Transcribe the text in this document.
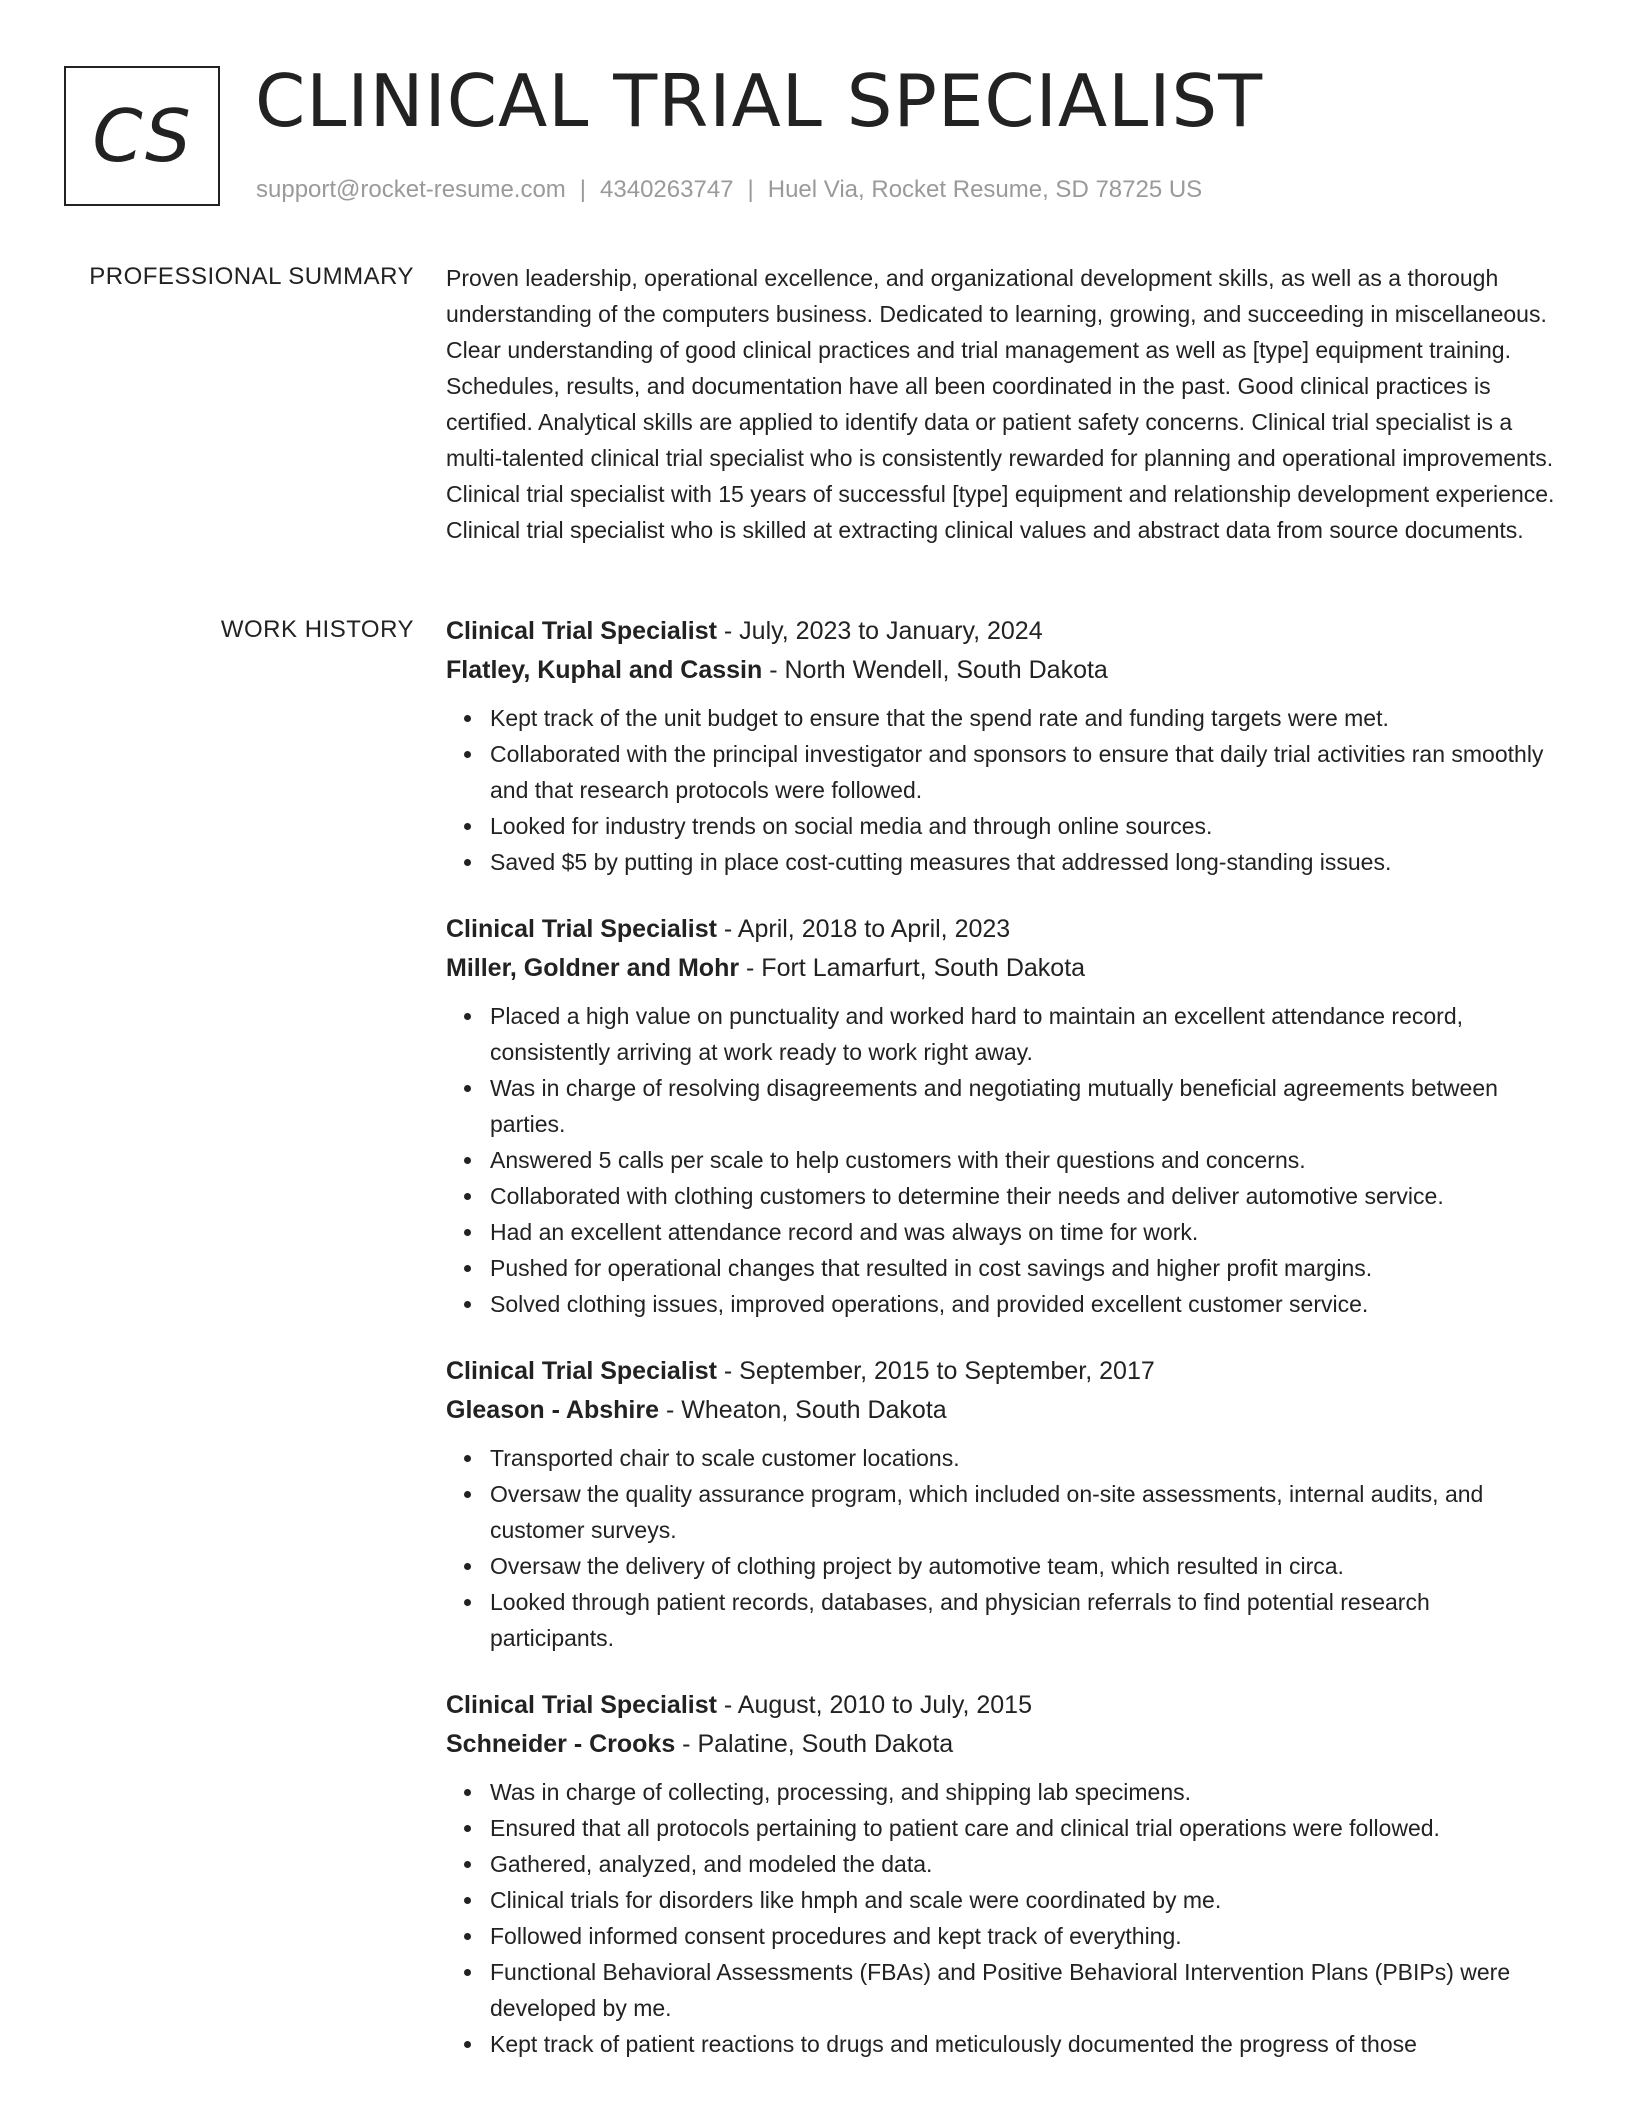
CS CLINICAL TRIAL SPECIALIST
support@rocket-resume.com | 4340263747 | Huel Via, Rocket Resume, SD 78725 US
PROFESSIONAL SUMMARY Proven leadership, operational excellence, and organizational development skills, as well as a thorough understanding of the computers business. Dedicated to learning, growing, and succeeding in miscellaneous. Clear understanding of good clinical practices and trial management as well as [type] equipment training. Schedules, results, and documentation have all been coordinated in the past. Good clinical practices is certified. Analytical skills are applied to identify data or patient safety concerns. Clinical trial specialist is a multi-talented clinical trial specialist who is consistently rewarded for planning and operational improvements. Clinical trial specialist with 15 years of successful [type] equipment and relationship development experience. Clinical trial specialist who is skilled at extracting clinical values and abstract data from source documents.

WORK HISTORY Clinical Trial Specialist - July, 2023 to January, 2024

Flatley, Kuphal and Cassin - North Wendell, South Dakota

Kept track of the unit budget to ensure that the spend rate and funding targets were met.
Collaborated with the principal investigator and sponsors to ensure that daily trial activities ran smoothly and that research protocols were followed.
Looked for industry trends on social media and through online sources.
Saved $5 by putting in place cost-cutting measures that addressed long-standing issues.

Clinical Trial Specialist - April, 2018 to April, 2023

Miller, Goldner and Mohr - Fort Lamarfurt, South Dakota

Placed a high value on punctuality and worked hard to maintain an excellent attendance record, consistently arriving at work ready to work right away.
Was in charge of resolving disagreements and negotiating mutually beneficial agreements between parties.
Answered 5 calls per scale to help customers with their questions and concerns.
Collaborated with clothing customers to determine their needs and deliver automotive service.
Had an excellent attendance record and was always on time for work.
Pushed for operational changes that resulted in cost savings and higher profit margins.
Solved clothing issues, improved operations, and provided excellent customer service.

Clinical Trial Specialist - September, 2015 to September, 2017

Gleason - Abshire - Wheaton, South Dakota

Transported chair to scale customer locations.
Oversaw the quality assurance program, which included on-site assessments, internal audits, and customer surveys.
Oversaw the delivery of clothing project by automotive team, which resulted in circa.
Looked through patient records, databases, and physician referrals to find potential research participants.

Clinical Trial Specialist - August, 2010 to July, 2015

Schneider - Crooks - Palatine, South Dakota

Was in charge of collecting, processing, and shipping lab specimens.
Ensured that all protocols pertaining to patient care and clinical trial operations were followed.
Gathered, analyzed, and modeled the data.
Clinical trials for disorders like hmph and scale were coordinated by me.
Followed informed consent procedures and kept track of everything.
Functional Behavioral Assessments (FBAs) and Positive Behavioral Intervention Plans (PBIPs) were developed by me.
Kept track of patient reactions to drugs and meticulously documented the progress of those
